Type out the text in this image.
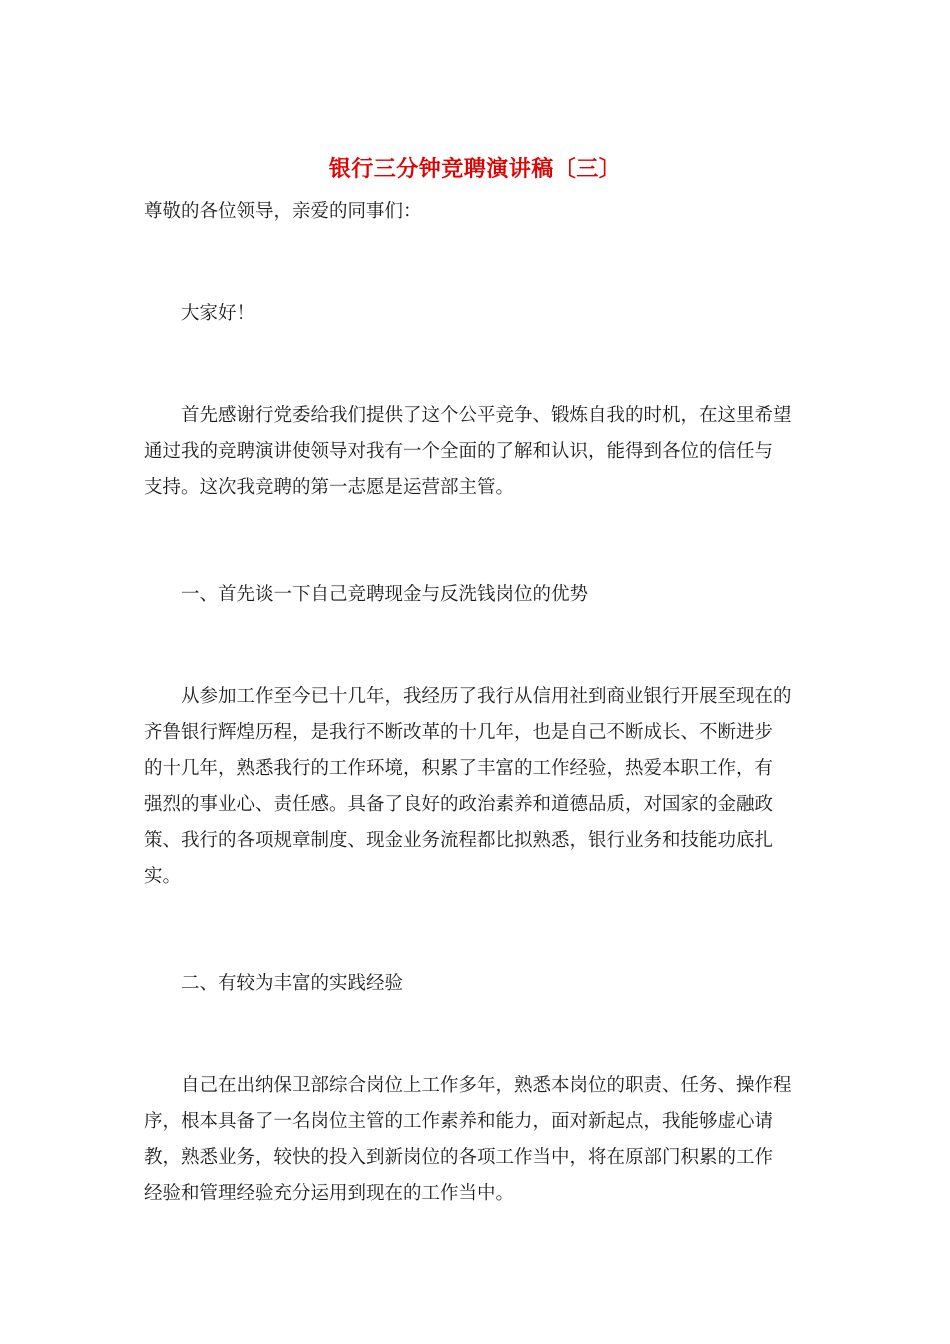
银行三分钟竞聘演讲稿〔三〕

尊敬的各位领导，亲爱的同事们：

大家好！

首先感谢行党委给我们提供了这个公平竞争、锻炼自我的时机，在这里希望
通过我的竞聘演讲使领导对我有一个全面的了解和认识，能得到各位的信任与
支持。这次我竞聘的第一志愿是运营部主管。

一、首先谈一下自己竞聘现金与反洗钱岗位的优势

从参加工作至今已十几年，我经历了我行从信用社到商业银行开展至现在的
齐鲁银行辉煌历程，是我行不断改革的十几年，也是自己不断成长、不断进步
的十几年，熟悉我行的工作环境，积累了丰富的工作经验，热爱本职工作，有
强烈的事业心、责任感。具备了良好的政治素养和道德品质，对国家的金融政
策、我行的各项规章制度、现金业务流程都比拟熟悉，银行业务和技能功底扎
实。

二、有较为丰富的实践经验

自己在出纳保卫部综合岗位上工作多年，熟悉本岗位的职责、任务、操作程
序，根本具备了一名岗位主管的工作素养和能力，面对新起点，我能够虚心请
教，熟悉业务，较快的投入到新岗位的各项工作当中，将在原部门积累的工作
经验和管理经验充分运用到现在的工作当中。
